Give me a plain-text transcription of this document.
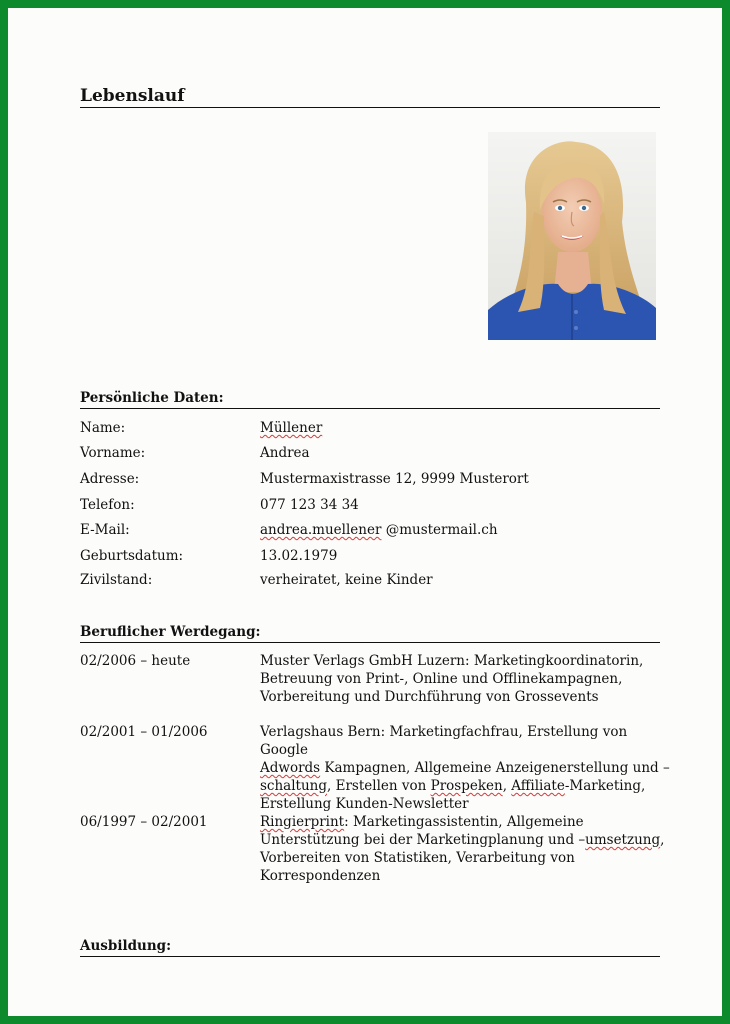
Lebenslauf
Persönliche Daten:
Name:	Müllener
Vorname:	Andrea
Adresse:	Mustermaxistrasse 12, 9999 Musterort
Telefon:	077 123 34 34
E-Mail:	andrea.muellener @mustermail.ch
Geburtsdatum:	13.02.1979
Zivilstand:	verheiratet, keine Kinder
Beruflicher Werdegang:
02/2006 – heute	Muster Verlags GmbH Luzern: Marketingkoordinatorin,
Betreuung von Print-, Online und Offlinekampagnen,
Vorbereitung und Durchführung von Grossevents
02/2001 – 01/2006	Verlagshaus Bern: Marketingfachfrau, Erstellung von Google
Adwords Kampagnen, Allgemeine Anzeigenerstellung und –
schaltung, Erstellen von Prospeken, Affiliate-Marketing,
Erstellung Kunden-Newsletter
06/1997 – 02/2001	Ringierprint: Marketingassistentin, Allgemeine
Unterstützung bei der Marketingplanung und –umsetzung,
Vorbereiten von Statistiken, Verarbeitung von
Korrespondenzen
Ausbildung:
